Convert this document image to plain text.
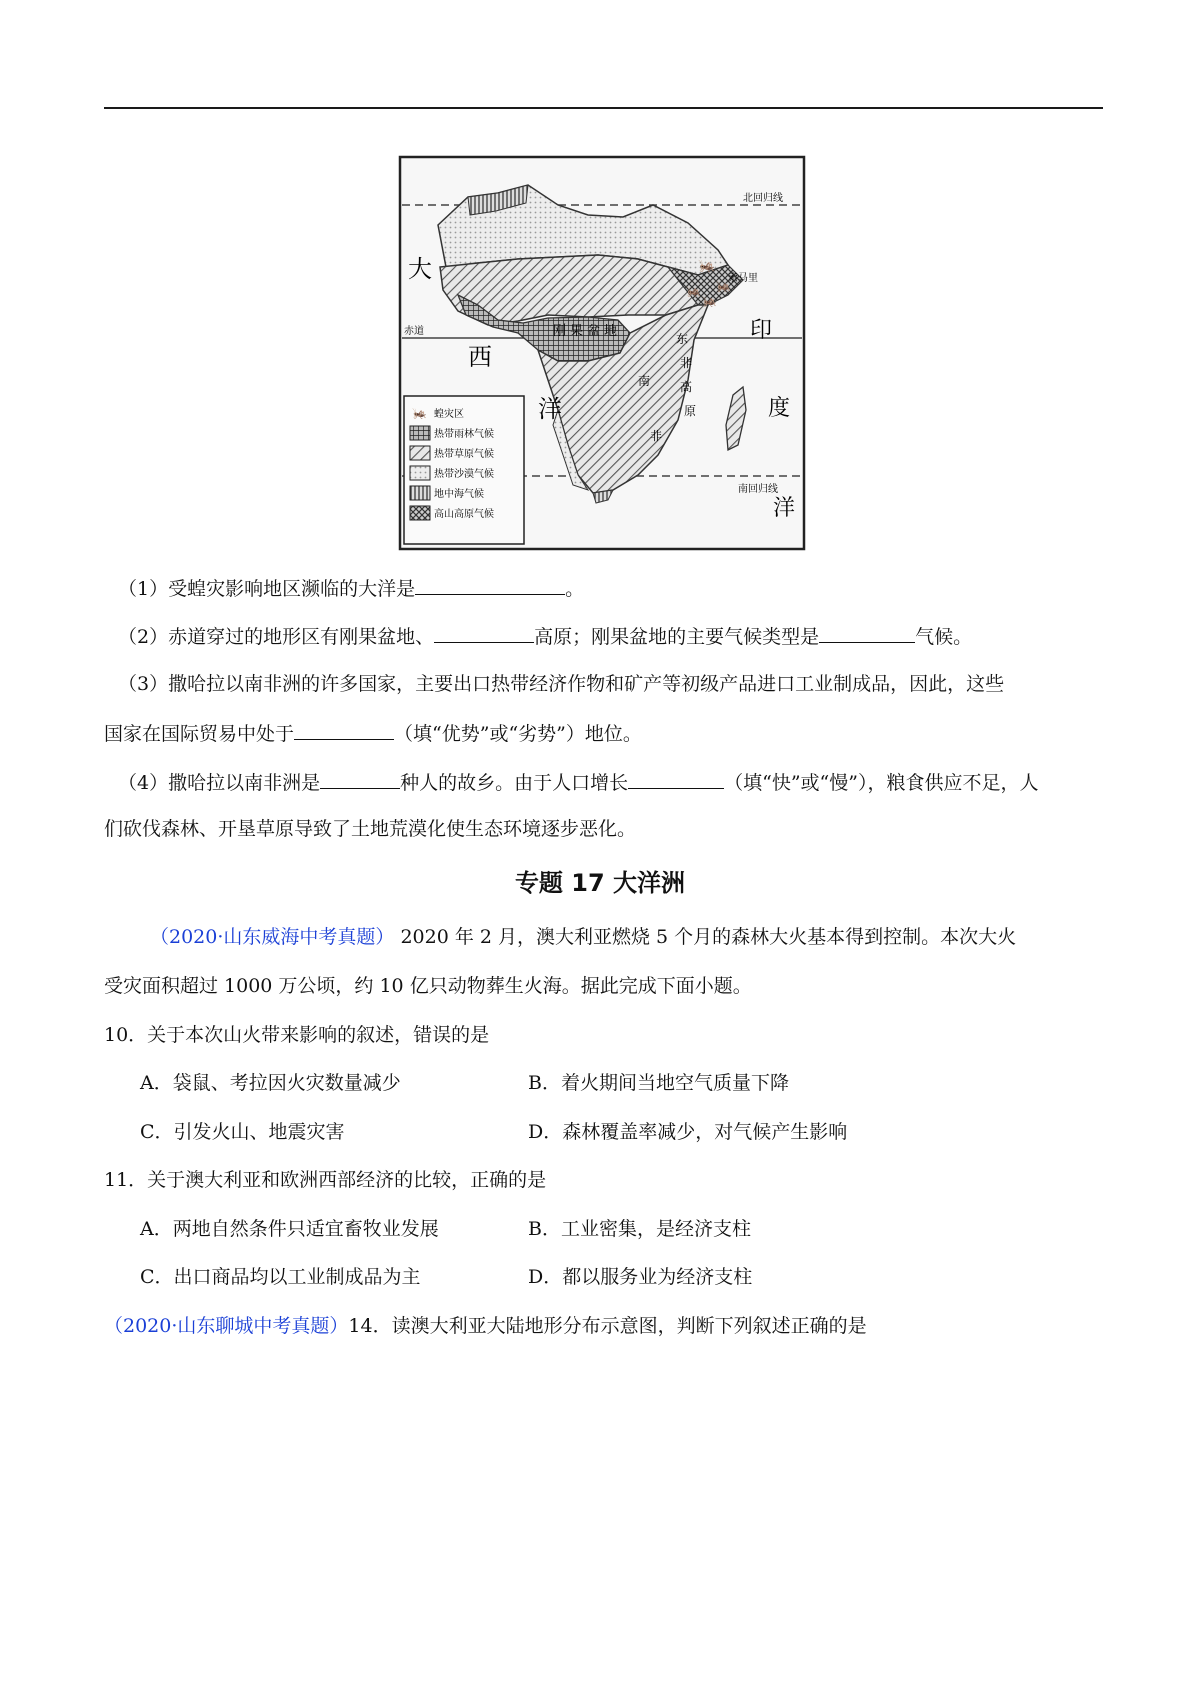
🦗
🦗
🦗
🦗
北回归线
赤道
南回归线
索马里
大
西
洋
印
度
洋
刚 果 盆 地	东
非
高
原
南
非
🦗 蝗灾区
热带雨林气候
热带草原气候
热带沙漠气候
地中海气候
高山高原气候
（1）受蝗灾影响地区濒临的大洋是	。
（2）赤道穿过的地形区有刚果盆地、	高原；刚果盆地的主要气候类型是	气候。
（3）撒哈拉以南非洲的许多国家，主要出口热带经济作物和矿产等初级产品进口工业制成品，因此，这些
国家在国际贸易中处于	（填“优势”或“劣势”）地位。
（4）撒哈拉以南非洲是	种人的故乡。由于人口增长	（填“快”或“慢”），粮食供应不足，人
们砍伐森林、开垦草原导致了土地荒漠化使生态环境逐步恶化。
专题 17 大洋洲
（2020·山东威海中考真题） 2020 年 2 月，澳大利亚燃烧 5 个月的森林大火基本得到控制。本次大火
受灾面积超过 1000 万公顷，约 10 亿只动物葬生火海。据此完成下面小题。
10．关于本次山火带来影响的叙述，错误的是
A．袋鼠、考拉因火灾数量减少	B．着火期间当地空气质量下降
C．引发火山、地震灾害	D．森林覆盖率减少，对气候产生影响
11．关于澳大利亚和欧洲西部经济的比较，正确的是
A．两地自然条件只适宜畜牧业发展	B．工业密集，是经济支柱
C．出口商品均以工业制成品为主	D．都以服务业为经济支柱
（2020·山东聊城中考真题）14．读澳大利亚大陆地形分布示意图，判断下列叙述正确的是
